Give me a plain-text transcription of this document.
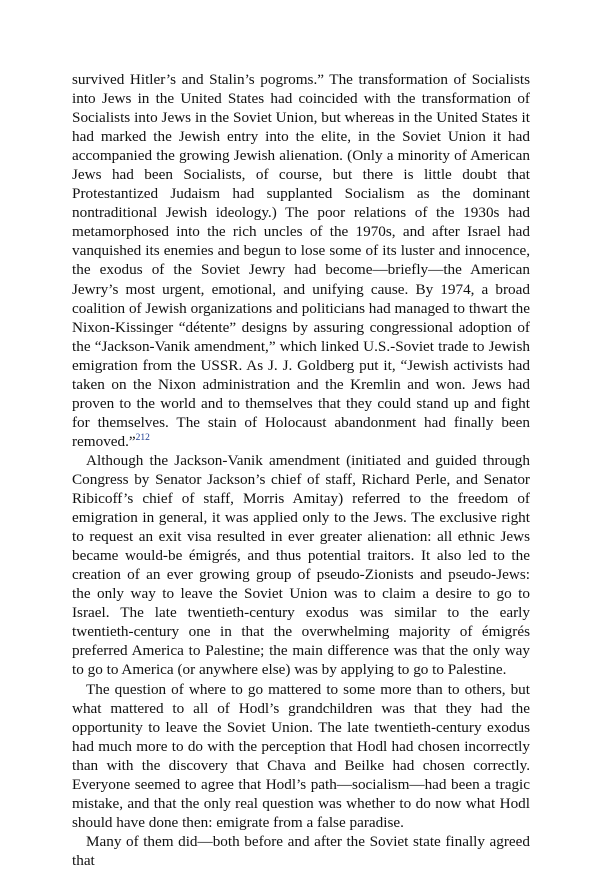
survived Hitler’s and Stalin’s pogroms.” The transformation of Socialists into Jews in the United States had coincided with the transformation of Socialists into Jews in the Soviet Union, but whereas in the United States it had marked the Jewish entry into the elite, in the Soviet Union it had accompanied the growing Jewish alienation. (Only a minority of American Jews had been Socialists, of course, but there is little doubt that Protestantized Judaism had supplanted Socialism as the dominant nontraditional Jewish ideology.) The poor relations of the 1930s had metamorphosed into the rich uncles of the 1970s, and after Israel had vanquished its enemies and begun to lose some of its luster and innocence, the exodus of the Soviet Jewry had become—briefly—the American Jewry’s most urgent, emotional, and unifying cause. By 1974, a broad coalition of Jewish organizations and politicians had managed to thwart the Nixon-Kissinger “détente” designs by assuring congressional adoption of the “Jackson-Vanik amendment,” which linked U.S.-Soviet trade to Jewish emigration from the USSR. As J. J. Goldberg put it, “Jewish activists had taken on the Nixon administration and the Kremlin and won. Jews had proven to the world and to themselves that they could stand up and fight for themselves. The stain of Holocaust abandonment had finally been removed.”$^{212}$

Although the Jackson-Vanik amendment (initiated and guided through Congress by Senator Jackson’s chief of staff, Richard Perle, and Senator Ribicoff’s chief of staff, Morris Amitay) referred to the freedom of emigration in general, it was applied only to the Jews. The exclusive right to request an exit visa resulted in ever greater alienation: all ethnic Jews became would-be émigrés, and thus potential traitors. It also led to the creation of an ever growing group of pseudo-Zionists and pseudo-Jews: the only way to leave the Soviet Union was to claim a desire to go to Israel. The late twentieth-century exodus was similar to the early twentieth-century one in that the overwhelming majority of émigrés preferred America to Palestine; the main difference was that the only way to go to America (or anywhere else) was by applying to go to Palestine.

The question of where to go mattered to some more than to others, but what mattered to all of Hodl’s grandchildren was that they had the opportunity to leave the Soviet Union. The late twentieth-century exodus had much more to do with the perception that Hodl had chosen incorrectly than with the discovery that Chava and Beilke had chosen correctly. Everyone seemed to agree that Hodl’s path—socialism—had been a tragic mistake, and that the only real question was whether to do now what Hodl should have done then: emigrate from a false paradise.

Many of them did—both before and after the Soviet state finally agreed that
